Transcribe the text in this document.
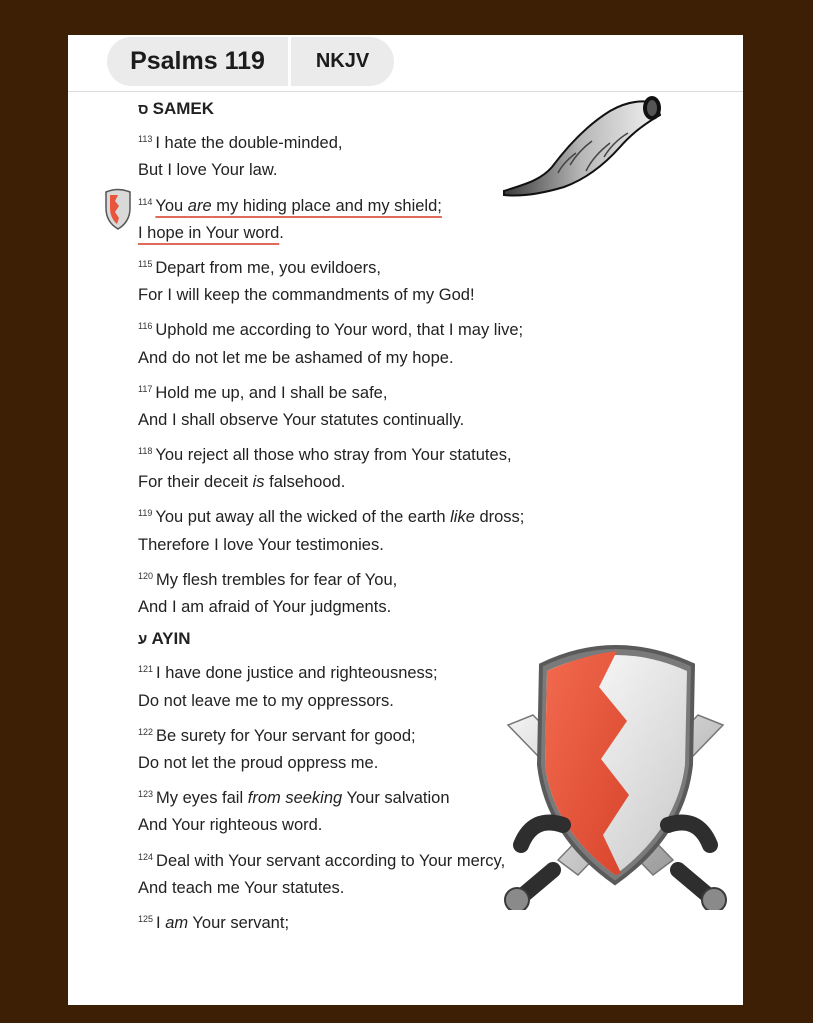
Psalms 119	NKJV
ס SAMEK
$^{113}$ I hate the double-minded,
But I love Your law.
$^{114}$ You are my hiding place and my shield;
I hope in Your word.
$^{115}$ Depart from me, you evildoers,
For I will keep the commandments of my God!
$^{116}$ Uphold me according to Your word, that I may live;
And do not let me be ashamed of my hope.
$^{117}$ Hold me up, and I shall be safe,
And I shall observe Your statutes continually.
$^{118}$ You reject all those who stray from Your statutes,
For their deceit is falsehood.
$^{119}$ You put away all the wicked of the earth like dross;
Therefore I love Your testimonies.
$^{120}$ My flesh trembles for fear of You,
And I am afraid of Your judgments.
ע AYIN
$^{121}$ I have done justice and righteousness;
Do not leave me to my oppressors.
$^{122}$ Be surety for Your servant for good;
Do not let the proud oppress me.
$^{123}$ My eyes fail from seeking Your salvation
And Your righteous word.
$^{124}$ Deal with Your servant according to Your mercy,
And teach me Your statutes.
$^{125}$ I am Your servant;
